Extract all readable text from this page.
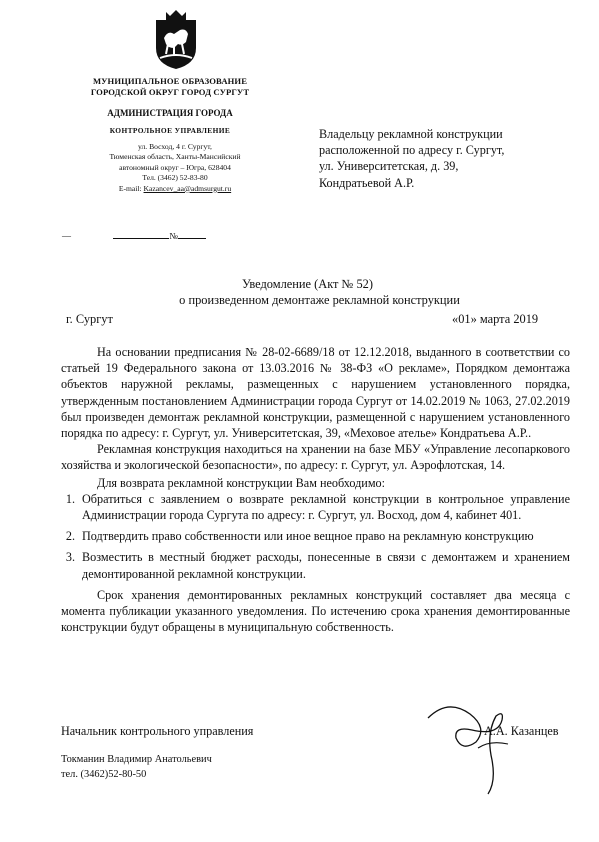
МУНИЦИПАЛЬНОЕ ОБРАЗОВАНИЕ
ГОРОДСКОЙ ОКРУГ ГОРОД СУРГУТ
АДМИНИСТРАЦИЯ ГОРОДА
КОНТРОЛЬНОЕ УПРАВЛЕНИЕ
ул. Восход, 4 г. Сургут,
Тюменская область, Ханты-Мансийский
автономный округ – Югра, 628404
Тел. (3462) 52-83-80
E-mail: Kazancev_aa@admsurgut.ru
—	№
Владельцу рекламной конструкции
расположенной по адресу г. Сургут,
ул. Университетская, д. 39,
Кондратьевой А.Р.
Уведомление (Акт № 52)
о произведенном демонтаже рекламной конструкции
г. Сургут	«01» марта 2019

На основании предписания № 28-02-6689/18 от 12.12.2018, выданного в соответствии со статьей 19 Федерального закона от 13.03.2016 № 38-ФЗ «О рекламе», Порядком демонтажа объектов наружной рекламы, размещенных с нарушением установленного порядка, утвержденным постановлением Администрации города Сургут от 14.02.2019 № 1063, 27.02.2019 был произведен демонтаж рекламной конструкции, размещенной с нарушением установленного порядка по адресу: г. Сургут, ул. Университетская, 39, «Меховое ателье» Кондратьева А.Р..

Рекламная конструкция находиться на хранении на базе МБУ «Управление лесопаркового хозяйства и экологической безопасности», по адресу: г. Сургут, ул. Аэрофлотская, 14.

Для возврата рекламной конструкции Вам необходимо:

1. Обратиться с заявлением о возврате рекламной конструкции в контрольное управление Администрации города Сургута по адресу: г. Сургут, ул. Восход, дом 4, кабинет 401.
2. Подтвердить право собственности или иное вещное право на рекламную конструкцию
3. Возместить в местный бюджет расходы, понесенные в связи с демонтажем и хранением демонтированной рекламной конструкции.

Срок хранения демонтированных рекламных конструкций составляет два месяца с момента публикации указанного уведомления. По истечению срока хранения демонтированные конструкции будут обращены в муниципальную собственность.

Начальник контрольного управления	А.А. Казанцев
Токманин Владимир Анатольевич
тел. (3462)52-80-50
